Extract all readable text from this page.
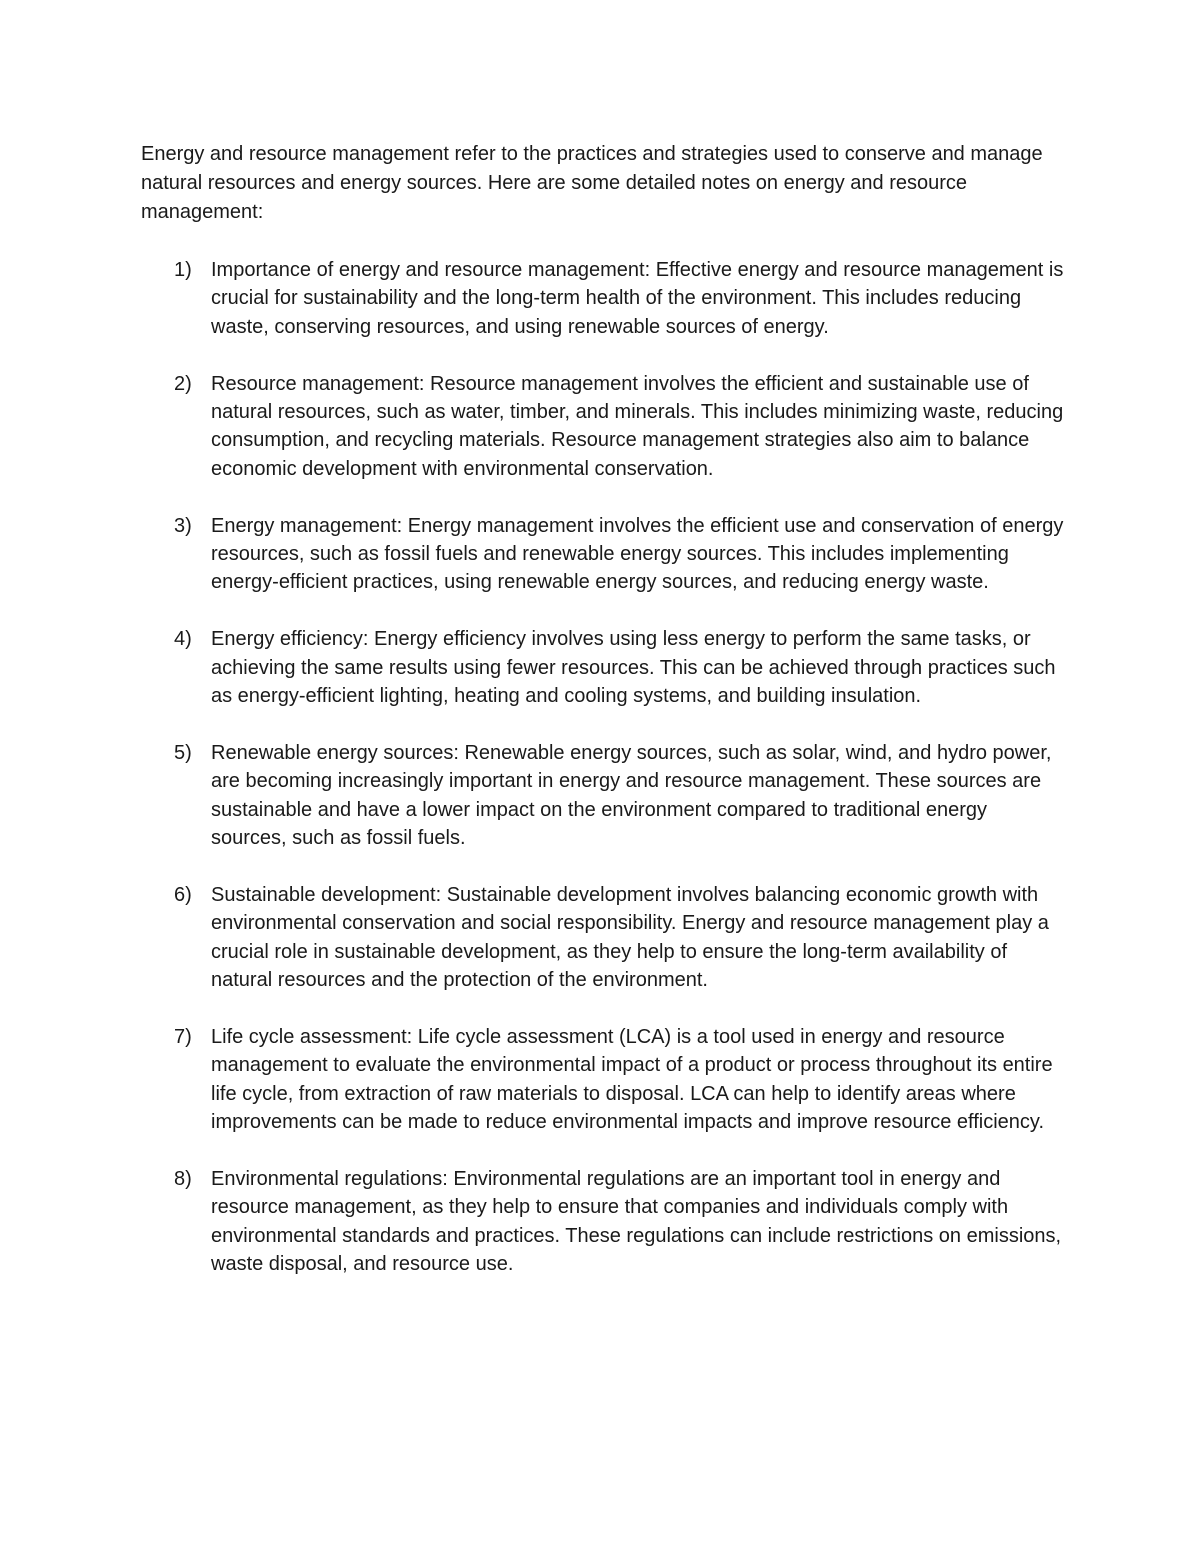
Energy and resource management refer to the practices and strategies used to conserve and manage natural resources and energy sources. Here are some detailed notes on energy and resource management:

1) Importance of energy and resource management: Effective energy and resource management is crucial for sustainability and the long-term health of the environment. This includes reducing waste, conserving resources, and using renewable sources of energy.
2) Resource management: Resource management involves the efficient and sustainable use of natural resources, such as water, timber, and minerals. This includes minimizing waste, reducing consumption, and recycling materials. Resource management strategies also aim to balance economic development with environmental conservation.
3) Energy management: Energy management involves the efficient use and conservation of energy resources, such as fossil fuels and renewable energy sources. This includes implementing energy-efficient practices, using renewable energy sources, and reducing energy waste.
4) Energy efficiency: Energy efficiency involves using less energy to perform the same tasks, or achieving the same results using fewer resources. This can be achieved through practices such as energy-efficient lighting, heating and cooling systems, and building insulation.
5) Renewable energy sources: Renewable energy sources, such as solar, wind, and hydro power, are becoming increasingly important in energy and resource management. These sources are sustainable and have a lower impact on the environment compared to traditional energy sources, such as fossil fuels.
6) Sustainable development: Sustainable development involves balancing economic growth with environmental conservation and social responsibility. Energy and resource management play a crucial role in sustainable development, as they help to ensure the long-term availability of natural resources and the protection of the environment.
7) Life cycle assessment: Life cycle assessment (LCA) is a tool used in energy and resource management to evaluate the environmental impact of a product or process throughout its entire life cycle, from extraction of raw materials to disposal. LCA can help to identify areas where improvements can be made to reduce environmental impacts and improve resource efficiency.
8) Environmental regulations: Environmental regulations are an important tool in energy and resource management, as they help to ensure that companies and individuals comply with environmental standards and practices. These regulations can include restrictions on emissions, waste disposal, and resource use.
